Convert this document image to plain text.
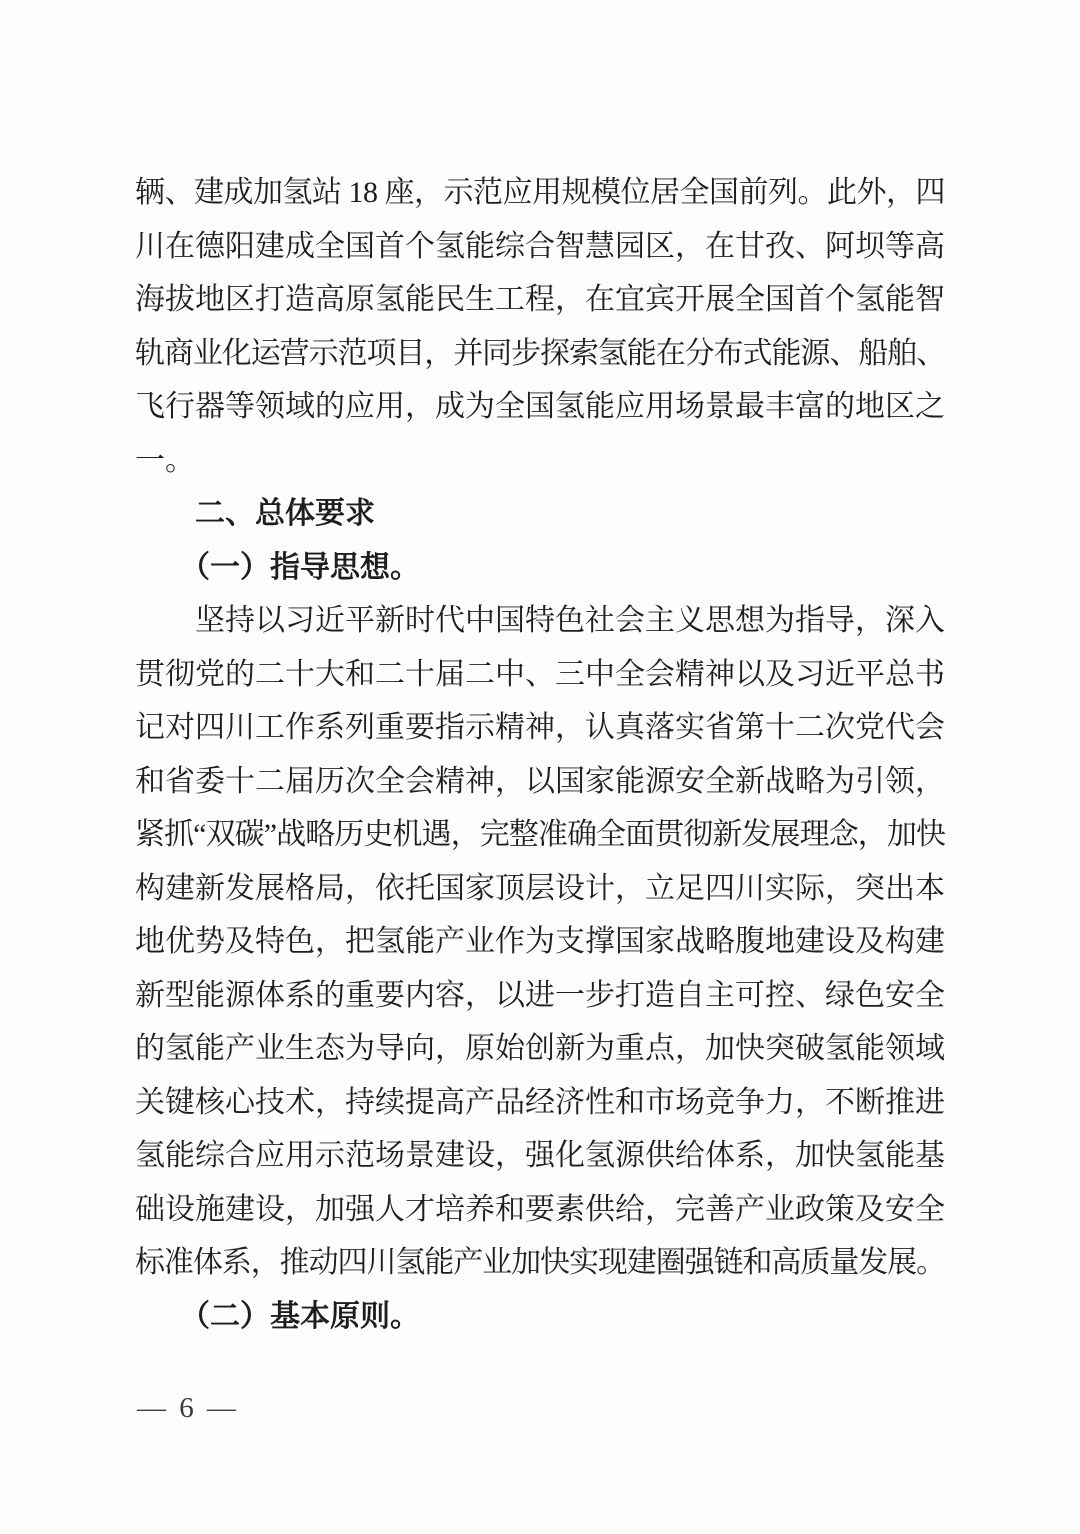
辆、建成加氢站 18 座，示范应用规模位居全国前列。此外，四
川在德阳建成全国首个氢能综合智慧园区，在甘孜、阿坝等高
海拔地区打造高原氢能民生工程，在宜宾开展全国首个氢能智
轨商业化运营示范项目，并同步探索氢能在分布式能源、船舶、
飞行器等领域的应用，成为全国氢能应用场景最丰富的地区之
一。
　　二、总体要求
　　（一）指导思想。
　　坚持以习近平新时代中国特色社会主义思想为指导，深入
贯彻党的二十大和二十届二中、三中全会精神以及习近平总书
记对四川工作系列重要指示精神，认真落实省第十二次党代会
和省委十二届历次全会精神，以国家能源安全新战略为引领，
紧抓“双碳”战略历史机遇，完整准确全面贯彻新发展理念，加快
构建新发展格局，依托国家顶层设计，立足四川实际，突出本
地优势及特色，把氢能产业作为支撑国家战略腹地建设及构建
新型能源体系的重要内容，以进一步打造自主可控、绿色安全
的氢能产业生态为导向，原始创新为重点，加快突破氢能领域
关键核心技术，持续提高产品经济性和市场竞争力，不断推进
氢能综合应用示范场景建设，强化氢源供给体系，加快氢能基
础设施建设，加强人才培养和要素供给，完善产业政策及安全
标准体系，推动四川氢能产业加快实现建圈强链和高质量发展。
　　（二）基本原则。
— 6 —
